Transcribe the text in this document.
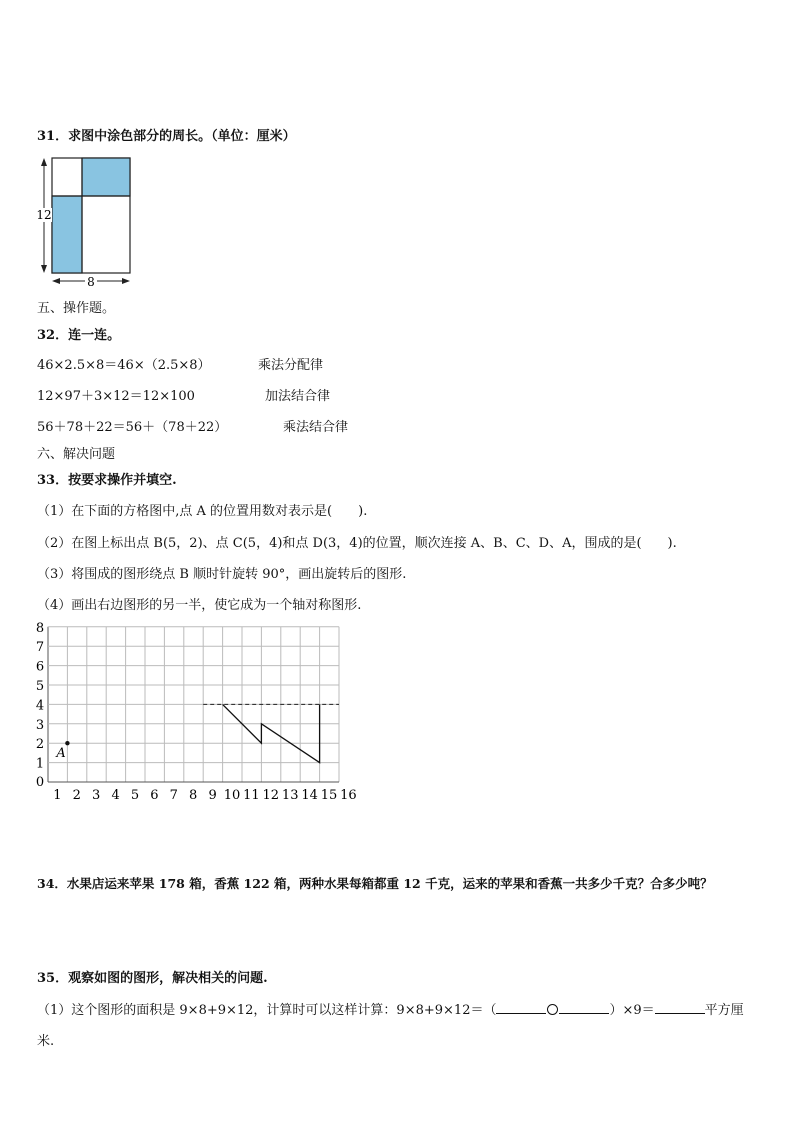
31．求图中涂色部分的周长。（单位：厘米）
12
8
五、操作题。
32．连一连。
46×2.5×8＝46×（2.5×8）	乘法分配律
12×97＋3×12＝12×100	加法结合律
56＋78＋22＝56＋（78＋22）	乘法结合律
六、解决问题
33．按要求操作并填空.
（1）在下面的方格图中,点 A 的位置用数对表示是(　　).
（2）在图上标出点 B(5，2)、点 C(5，4)和点 D(3，4)的位置，顺次连接 A、B、C、D、A，围成的是(　　).
（3）将围成的图形绕点 B 顺时针旋转 90°，画出旋转后的图形.
（4）画出右边图形的另一半，使它成为一个轴对称图形.
0
1 2 3 4 5 6 7 8 9 10 11 12 13 14 15 16
1
2
3
4
5
6
7
8
A
34．水果店运来苹果 178 箱，香蕉 122 箱，两种水果每箱都重 12 千克，运来的苹果和香蕉一共多少千克？合多少吨？
35．观察如图的图形，解决相关的问题.
（1）这个图形的面积是 9×8+9×12，计算时可以这样计算：9×8+9×12＝（	）×9＝	平方厘
米.
